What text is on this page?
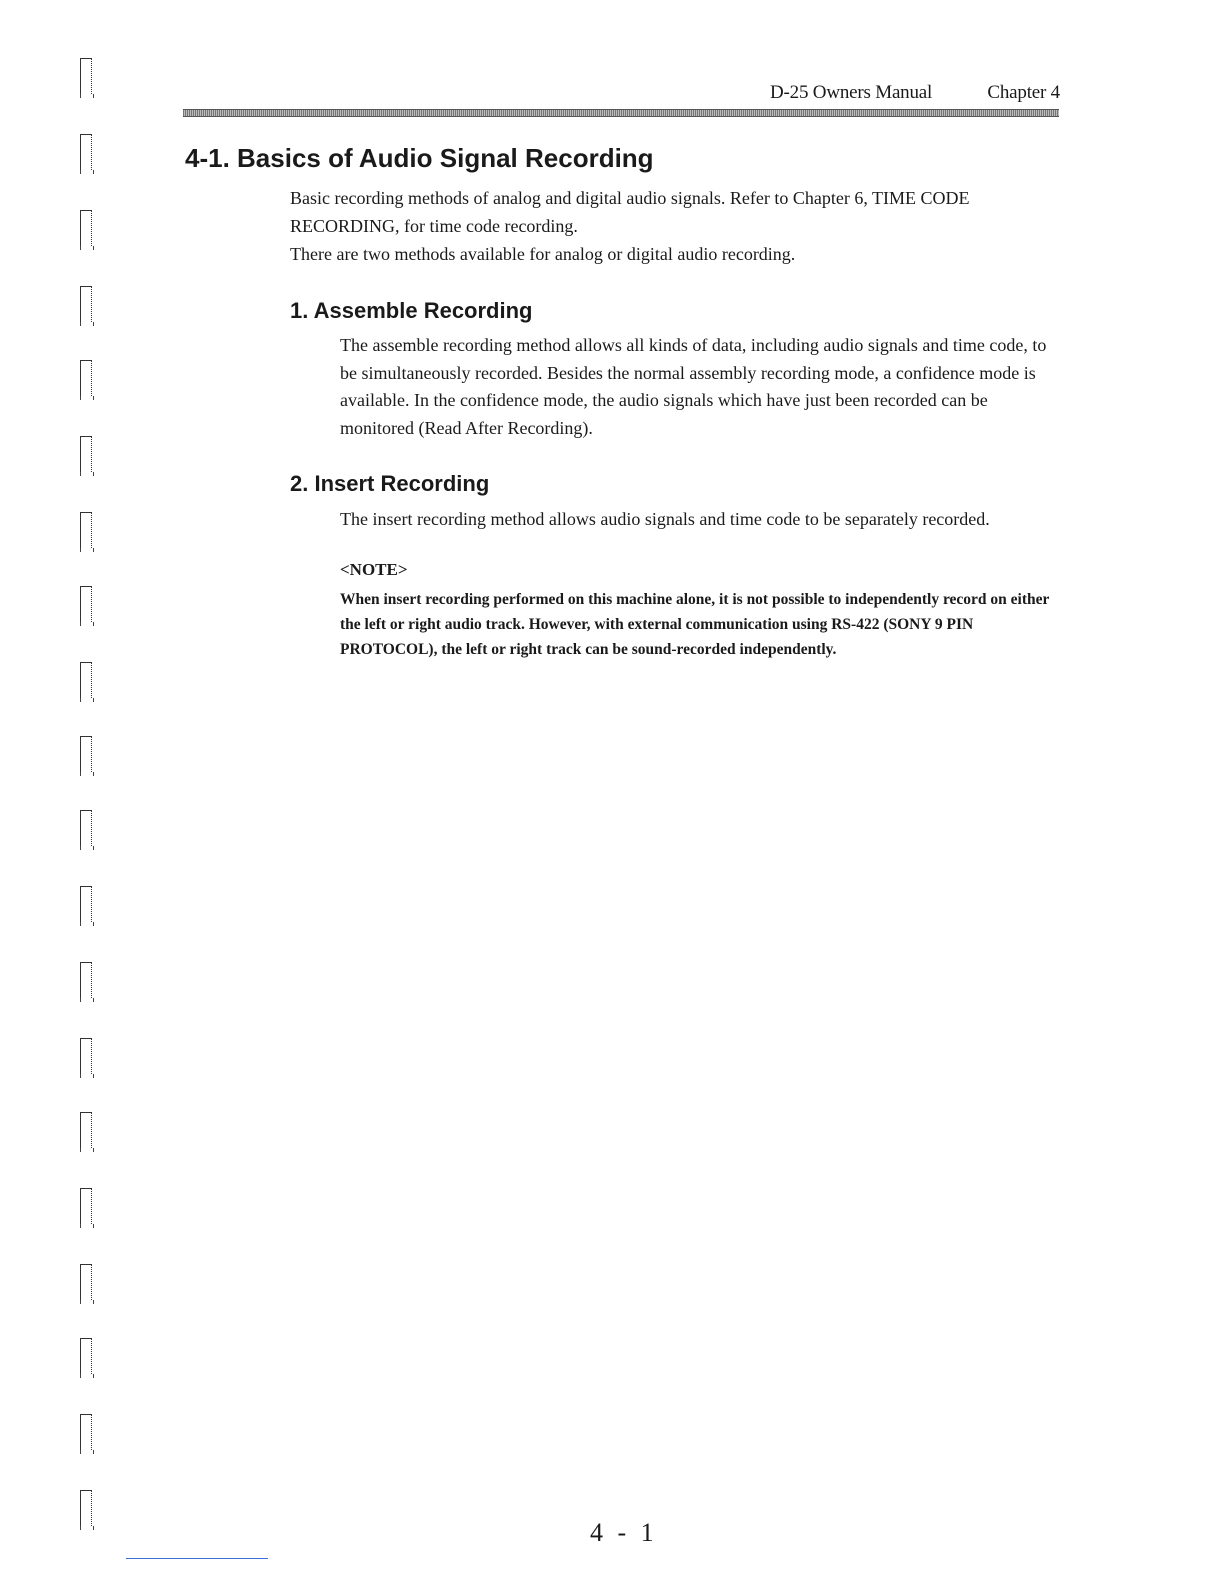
D-25 Owners Manual	Chapter 4
4-1. Basics of Audio Signal Recording

Basic recording methods of analog and digital audio signals. Refer to Chapter 6, TIME CODE RECORDING, for time code recording.

There are two methods available for analog or digital audio recording.

1. Assemble Recording

The assemble recording method allows all kinds of data, including audio signals and time code, to be simultaneously recorded. Besides the normal assembly recording mode, a confidence mode is available. In the confidence mode, the audio signals which have just been recorded can be monitored (Read After Recording).

2. Insert Recording

The insert recording method allows audio signals and time code to be separately recorded.

<NOTE>

When insert recording performed on this machine alone, it is not possible to independently record on either the left or right audio track. However, with external communication using RS-422 (SONY 9 PIN PROTOCOL), the left or right track can be sound-recorded independently.

4 - 1
